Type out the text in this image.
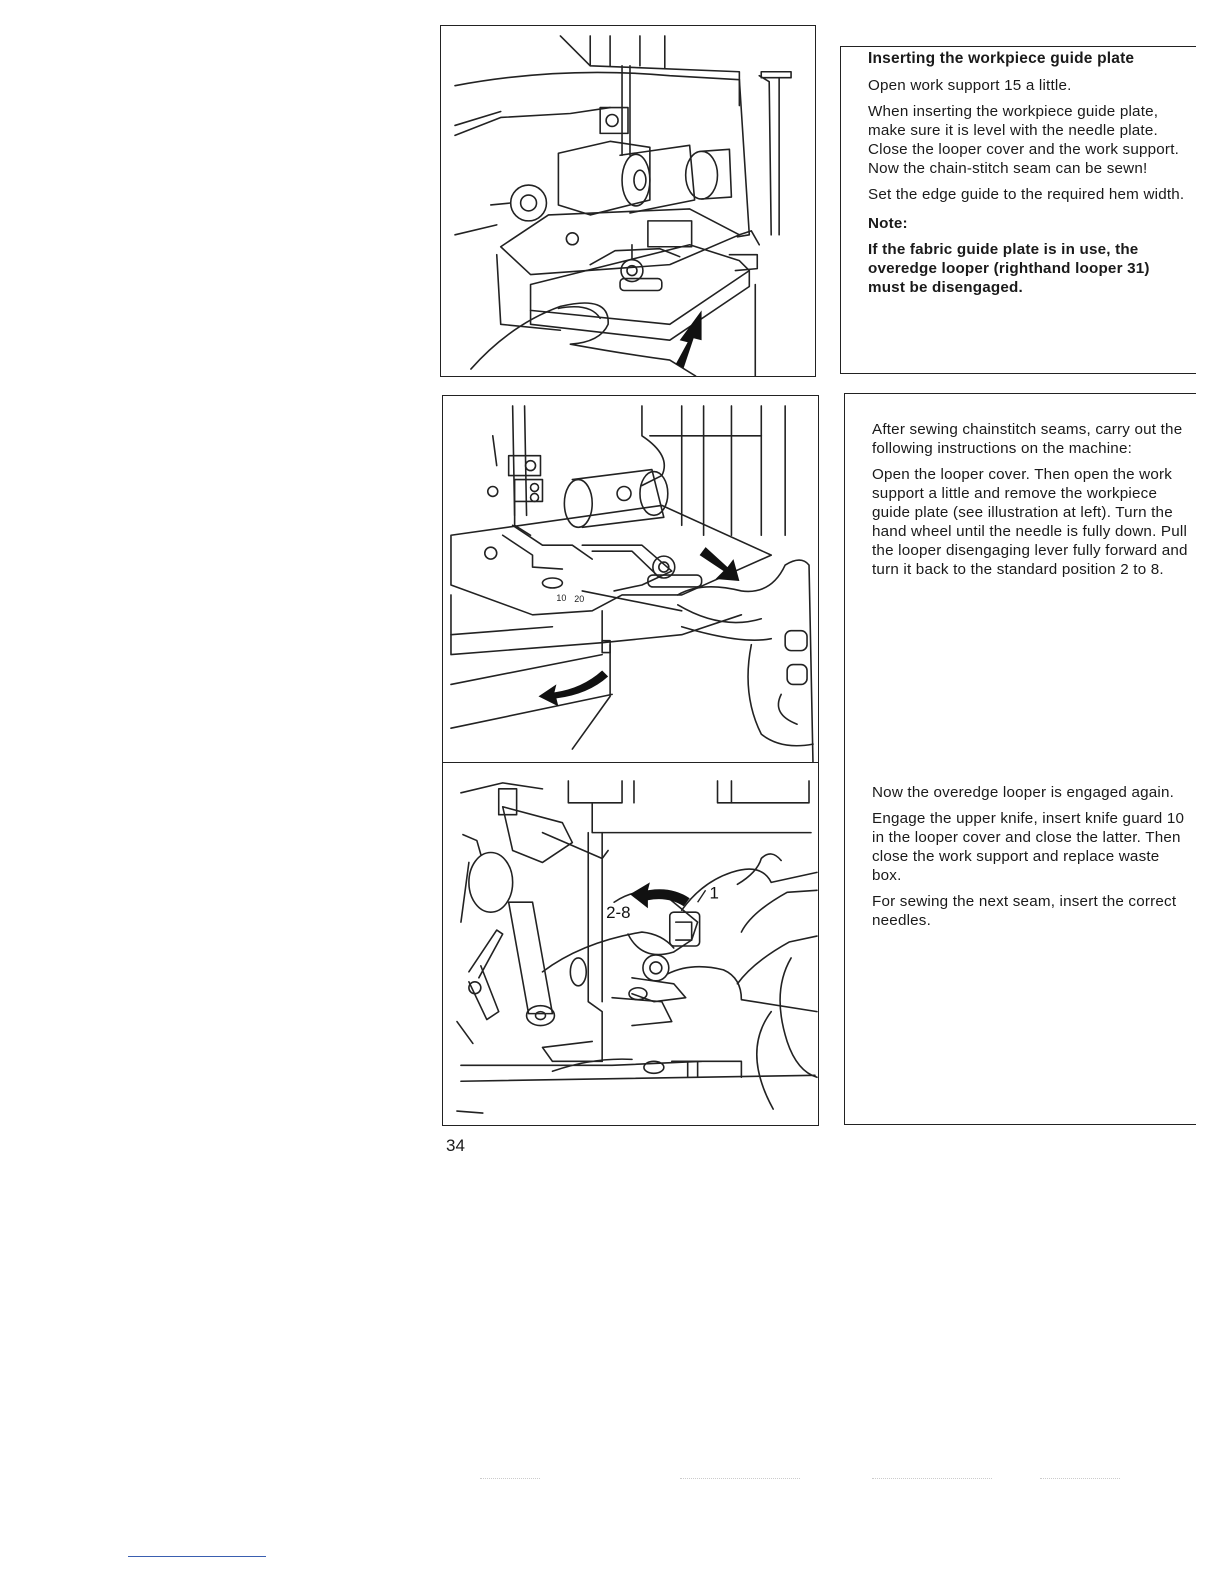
Inserting the workpiece guide plate

Open work support 15 a little.

When inserting the workpiece guide plate, make sure it is level with the needle plate. Close the looper cover and the work support. Now the chain-stitch seam can be sewn!

Set the edge guide to the required hem width.

Note:

If the fabric guide plate is in use, the overedge looper (righthand looper 31) must be disengaged.

10 20
1
2-8

After sewing chainstitch seams, carry out the following instructions on the machine:

Open the looper cover. Then open the work support a little and remove the workpiece guide plate (see illustration at left). Turn the hand wheel until the needle is fully down. Pull the looper disengaging lever fully forward and turn it back to the standard position 2 to 8.

Now the overedge looper is engaged again.

Engage the upper knife, insert knife guard 10 in the looper cover and close the latter. Then close the work support and replace waste box.

For sewing the next seam, insert the correct needles.

34
